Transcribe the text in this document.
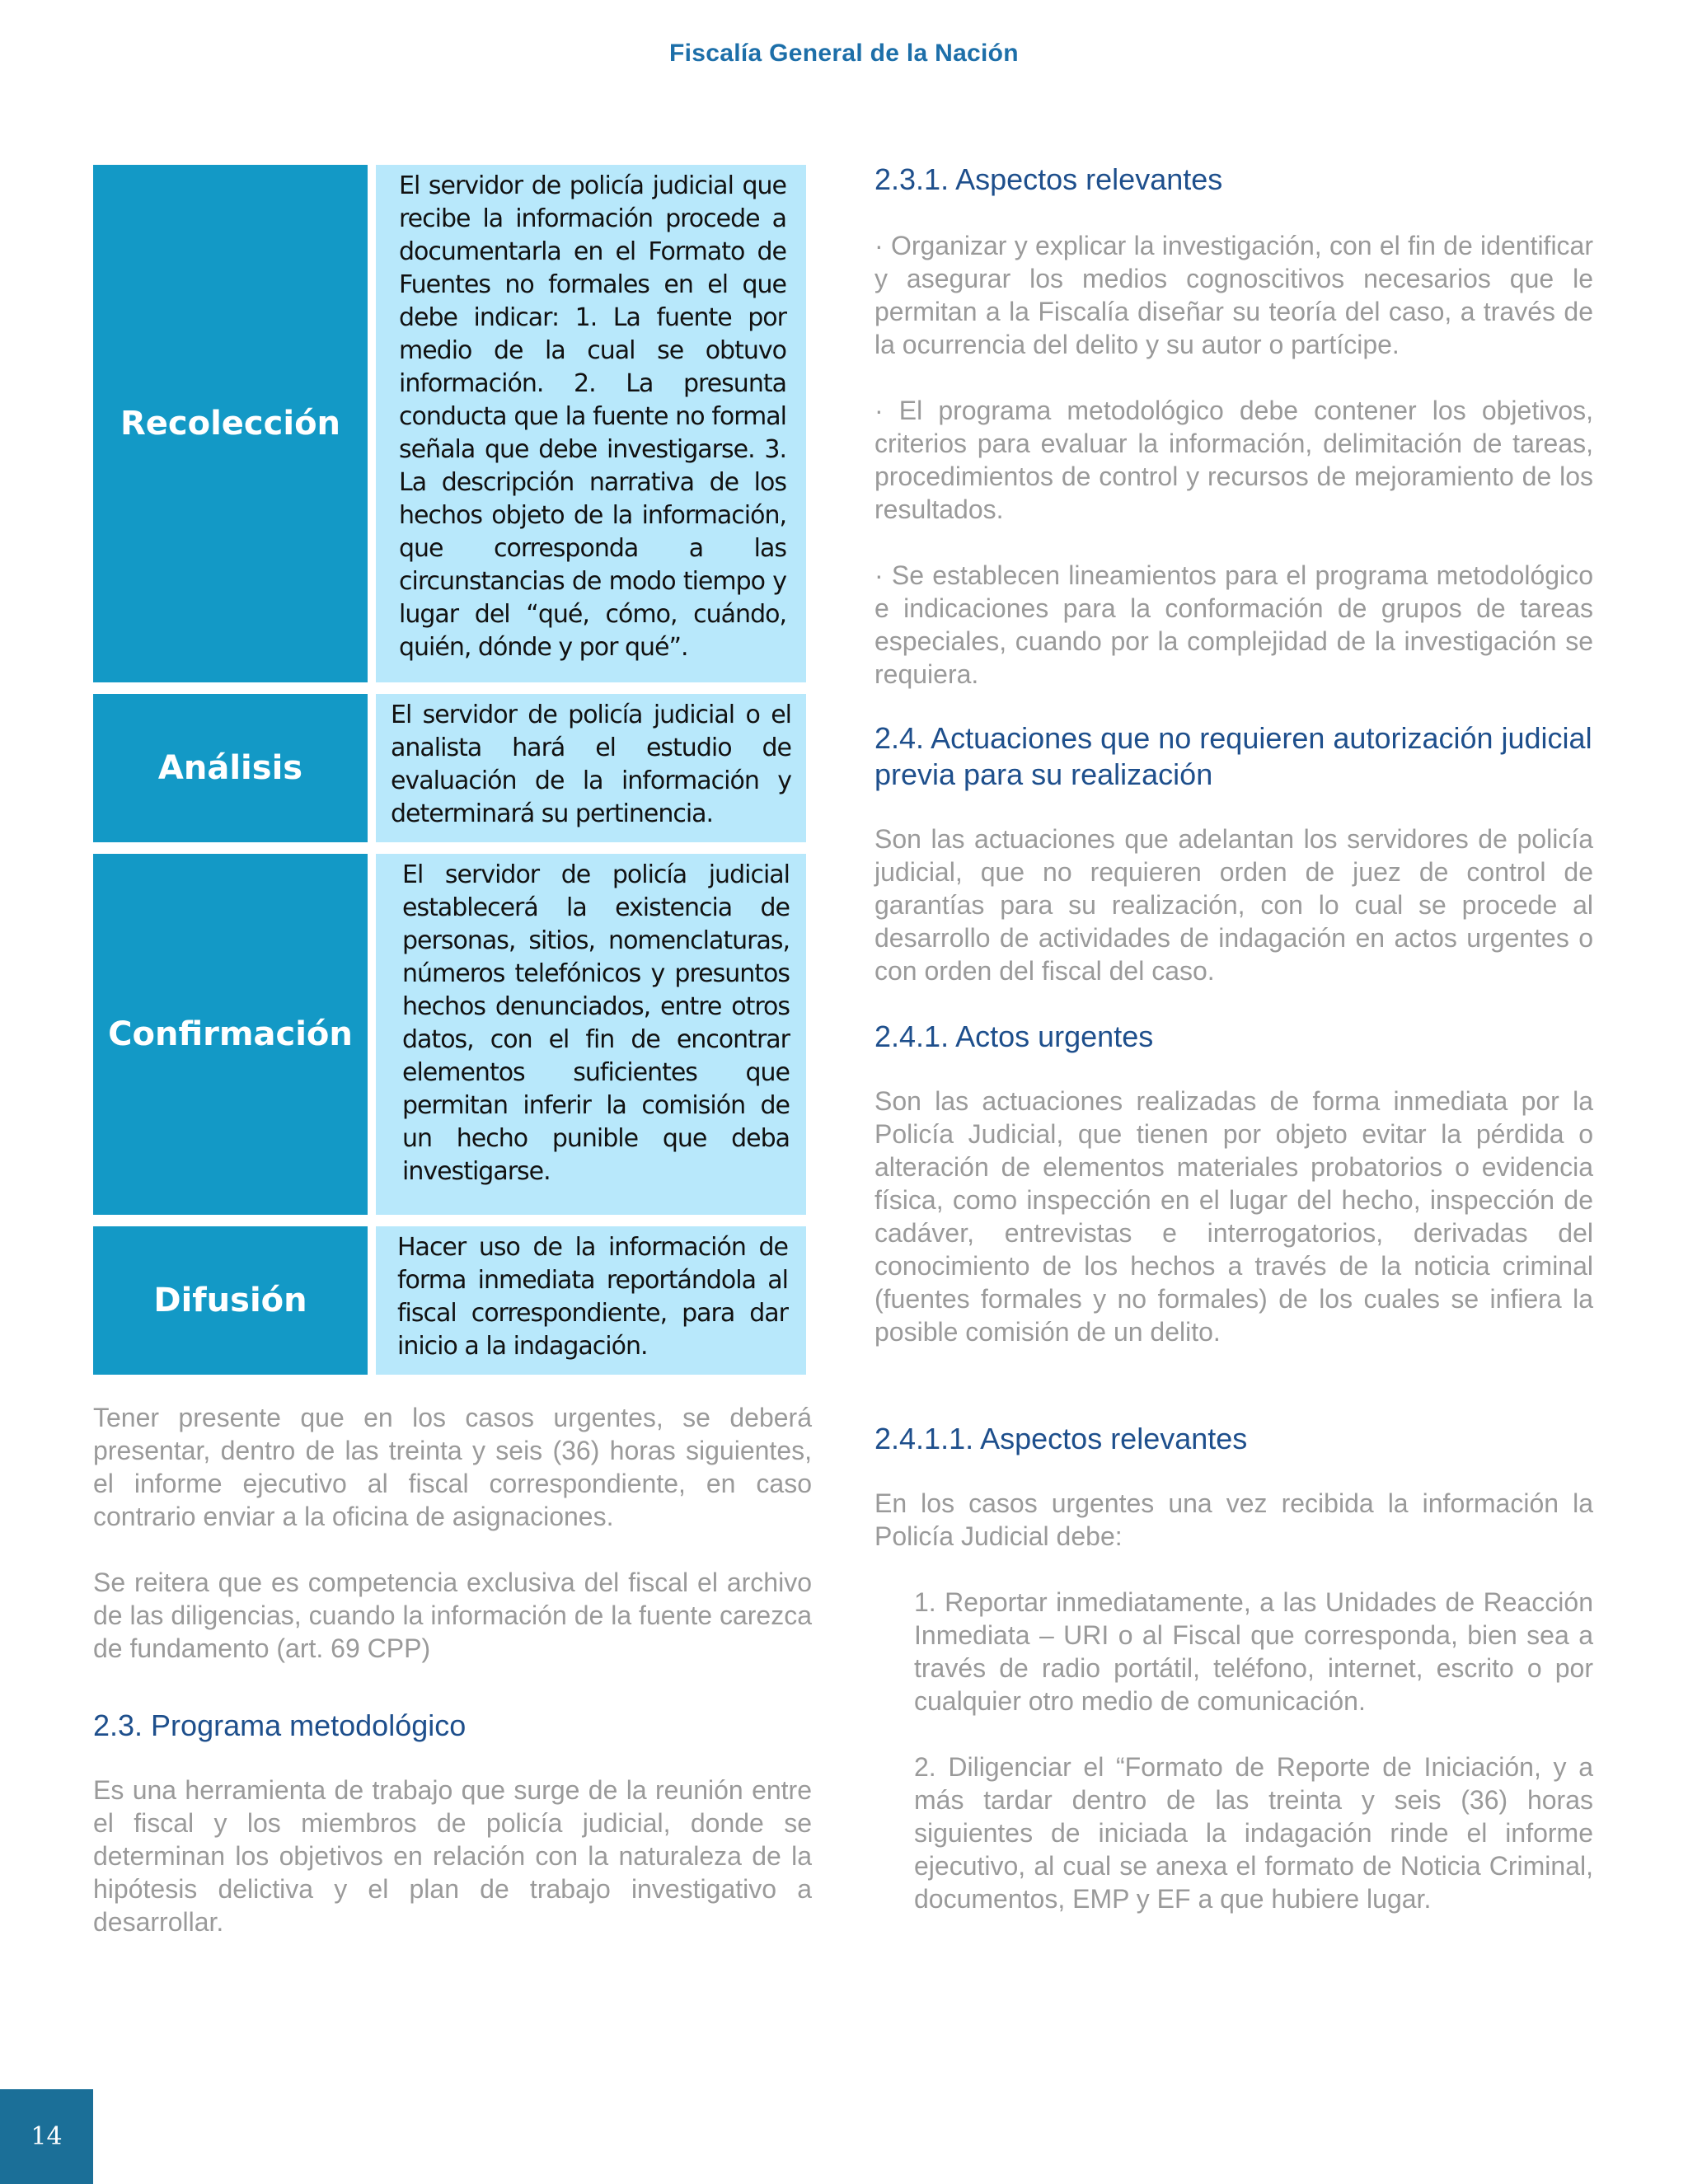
Fiscalía General de la Nación
Recolección
El servidor de policía judicial que recibe la información procede a documentarla en el Formato de Fuentes no formales en el que debe indicar: 1. La fuente por medio de la cual se obtuvo información. 2. La presunta conducta que la fuente no formal señala que debe investigarse. 3. La descripción narrativa de los hechos objeto de la información, que corresponda a las circunstancias de modo tiempo y lugar del “qué, cómo, cuándo, quién, dónde y por qué”.
Análisis
El servidor de policía judicial o el analista hará el estudio de evaluación de la información y determinará su pertinencia.
Confirmación
El servidor de policía judicial establecerá la existencia de personas, sitios, nomenclaturas, números telefónicos y presuntos hechos denunciados, entre otros datos, con el fin de encontrar elementos suficientes que permitan inferir la comisión de un hecho punible que deba investigarse.
Difusión
Hacer uso de la información de forma inmediata reportándola al fiscal correspondiente, para dar inicio a la indagación.

Tener presente que en los casos urgentes, se deberá presentar, dentro de las treinta y seis (36) horas siguientes, el informe ejecutivo al fiscal correspondiente, en caso contrario enviar a la oficina de asignaciones.

Se reitera que es competencia exclusiva del fiscal el archivo de las diligencias, cuando la información de la fuente carezca de fundamento (art. 69 CPP)

2.3. Programa metodológico

Es una herramienta de trabajo que surge de la reunión entre el fiscal y los miembros de policía judicial, donde se determinan los objetivos en relación con la naturaleza de la hipótesis delictiva y el plan de trabajo investigativo a desarrollar.

2.3.1. Aspectos relevantes

· Organizar y explicar la investigación, con el fin de identificar y asegurar los medios cognoscitivos necesarios que le permitan a la Fiscalía diseñar su teoría del caso, a través de la ocurrencia del delito y su autor o partícipe.

· El programa metodológico debe contener los objetivos, criterios para evaluar la información, delimitación de tareas, procedimientos de control y recursos de mejoramiento de los resultados.

· Se establecen lineamientos para el programa metodológico e indicaciones para la conformación de grupos de tareas especiales, cuando por la complejidad de la investigación se requiera.

2.4. Actuaciones que no requieren autorización judicial previa para su realización

Son las actuaciones que adelantan los servidores de policía judicial, que no requieren orden de juez de control de garantías para su realización, con lo cual se procede al desarrollo de actividades de indagación en actos urgentes o con orden del fiscal del caso.

2.4.1. Actos urgentes

Son las actuaciones realizadas de forma inmediata por la Policía Judicial, que tienen por objeto evitar la pérdida o alteración de elementos materiales probatorios o evidencia física, como inspección en el lugar del hecho, inspección de cadáver, entrevistas e interrogatorios, derivadas del conocimiento de los hechos a través de la noticia criminal (fuentes formales y no formales) de los cuales se infiera la posible comisión de un delito.

2.4.1.1. Aspectos relevantes

En los casos urgentes una vez recibida la información la Policía Judicial debe:

1. Reportar inmediatamente, a las Unidades de Reacción Inmediata – URI o al Fiscal que corresponda, bien sea a través de radio portátil, teléfono, internet, escrito o por cualquier otro medio de comunicación.

2. Diligenciar el “Formato de Reporte de Iniciación, y a más tardar dentro de las treinta y seis (36) horas siguientes de iniciada la indagación rinde el informe ejecutivo, al cual se anexa el formato de Noticia Criminal, documentos, EMP y EF a que hubiere lugar.

14
